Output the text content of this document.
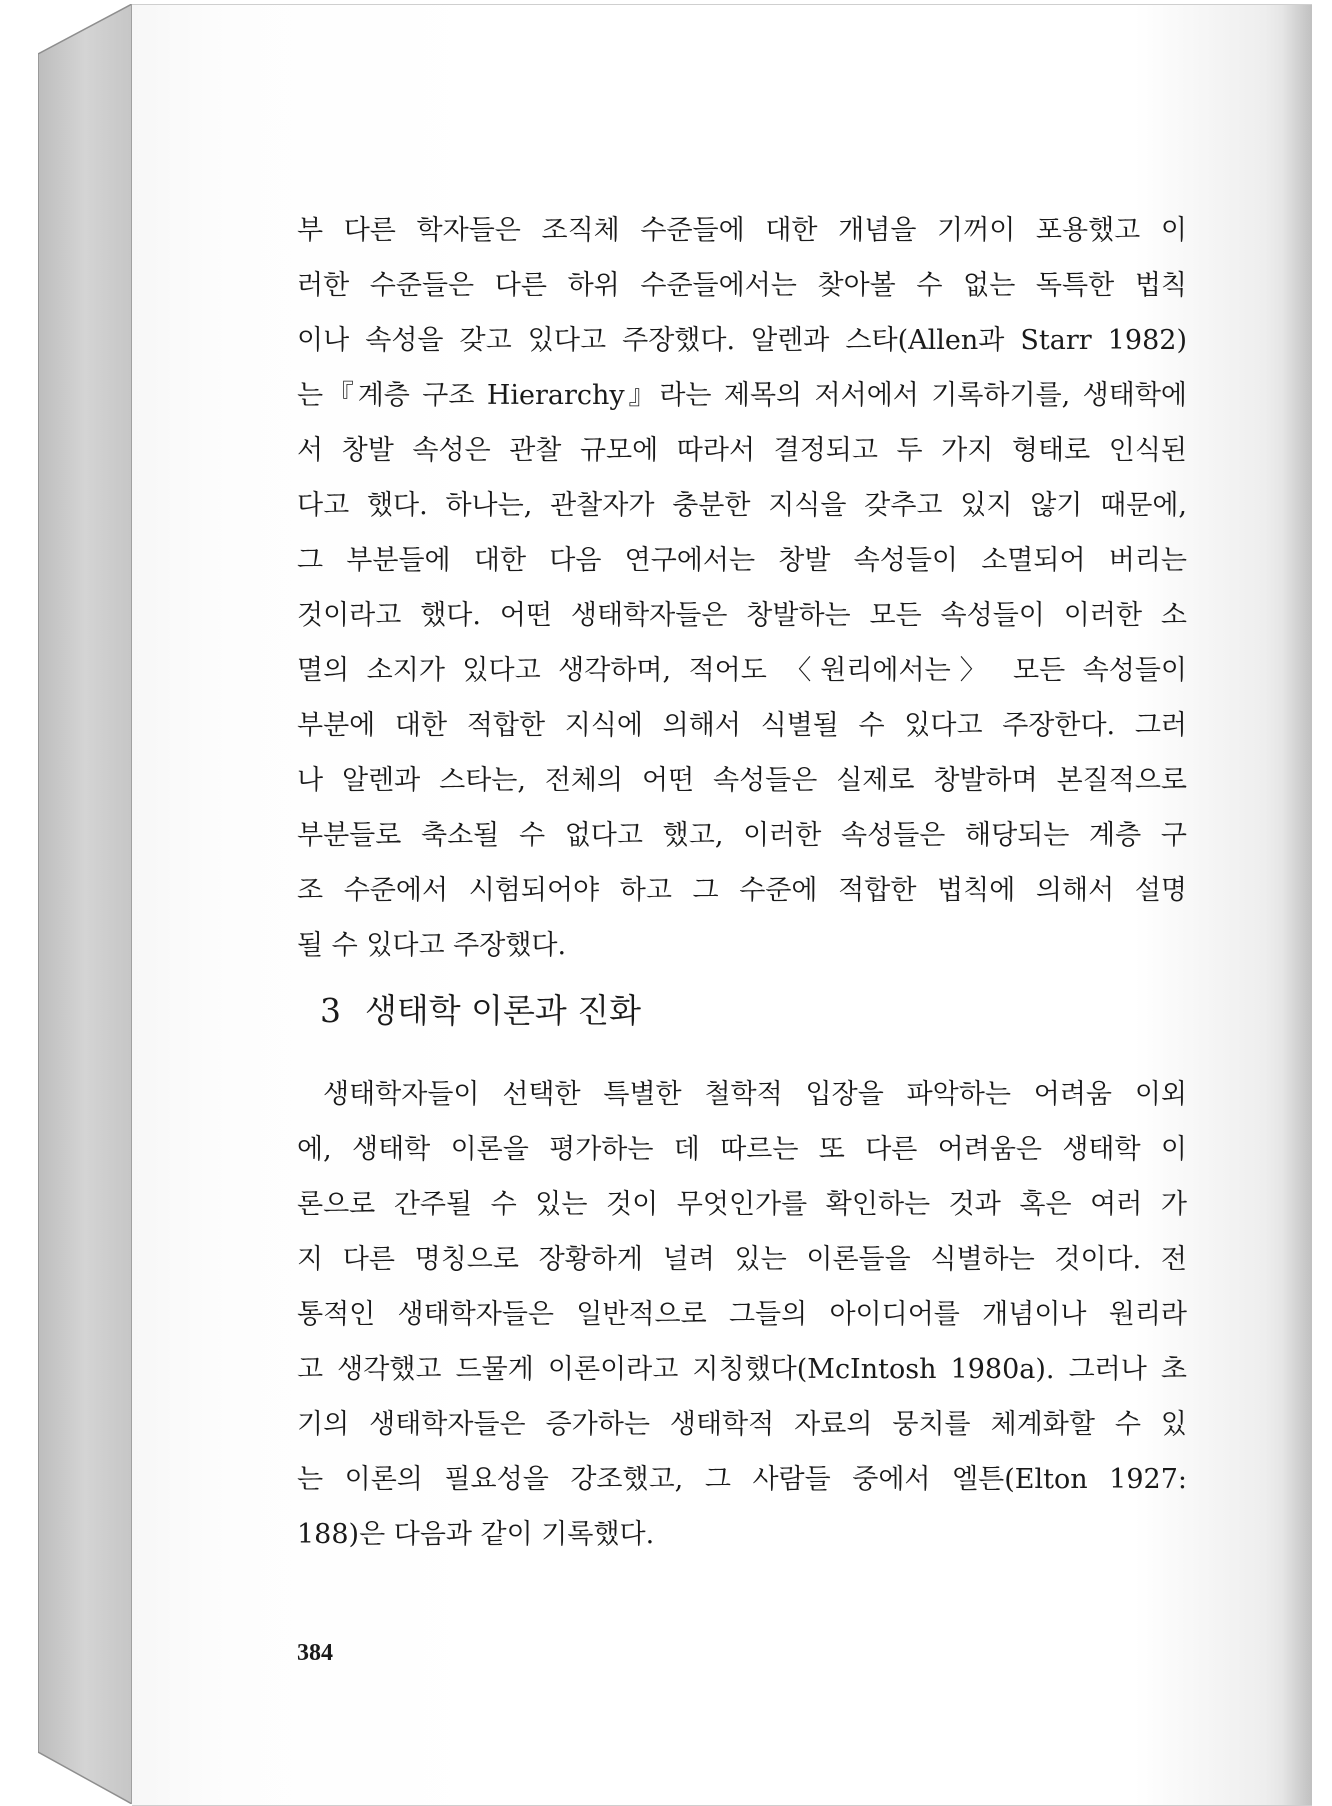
부 다른 학자들은 조직체 수준들에 대한 개념을 기꺼이 포용했고 이
러한 수준들은 다른 하위 수준들에서는 찾아볼 수 없는 독특한 법칙
이나 속성을 갖고 있다고 주장했다. 알렌과 스타(Allen과 Starr 1982)
는『계층 구조 Hierarchy』라는 제목의 저서에서 기록하기를, 생태학에
서 창발 속성은 관찰 규모에 따라서 결정되고 두 가지 형태로 인식된
다고 했다. 하나는, 관찰자가 충분한 지식을 갖추고 있지 않기 때문에,
그 부분들에 대한 다음 연구에서는 창발 속성들이 소멸되어 버리는
것이라고 했다. 어떤 생태학자들은 창발하는 모든 속성들이 이러한 소
멸의 소지가 있다고 생각하며, 적어도 〈원리에서는〉 모든 속성들이
부분에 대한 적합한 지식에 의해서 식별될 수 있다고 주장한다. 그러
나 알렌과 스타는, 전체의 어떤 속성들은 실제로 창발하며 본질적으로
부분들로 축소될 수 없다고 했고, 이러한 속성들은 해당되는 계층 구
조 수준에서 시험되어야 하고 그 수준에 적합한 법칙에 의해서 설명
될 수 있다고 주장했다.
3 생태학 이론과 진화
생태학자들이 선택한 특별한 철학적 입장을 파악하는 어려움 이외
에, 생태학 이론을 평가하는 데 따르는 또 다른 어려움은 생태학 이
론으로 간주될 수 있는 것이 무엇인가를 확인하는 것과 혹은 여러 가
지 다른 명칭으로 장황하게 널려 있는 이론들을 식별하는 것이다. 전
통적인 생태학자들은 일반적으로 그들의 아이디어를 개념이나 원리라
고 생각했고 드물게 이론이라고 지칭했다(McIntosh 1980a). 그러나 초
기의 생태학자들은 증가하는 생태학적 자료의 뭉치를 체계화할 수 있
는 이론의 필요성을 강조했고, 그 사람들 중에서 엘튼(Elton 1927:
188)은 다음과 같이 기록했다.
384
